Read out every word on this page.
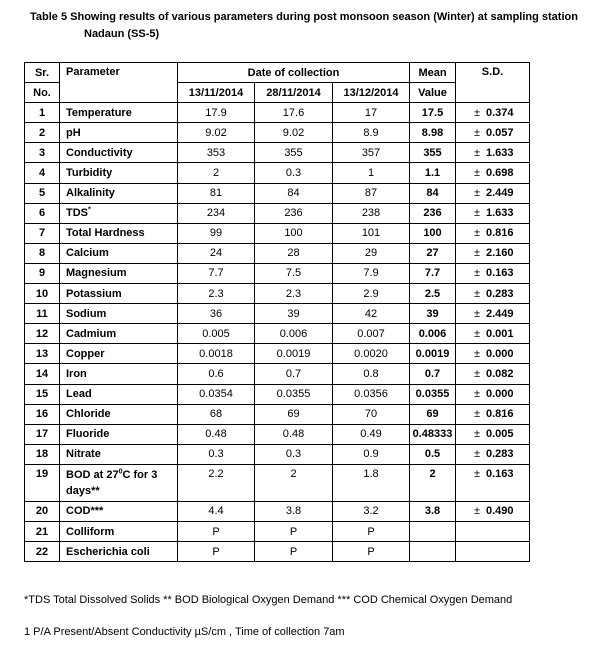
Table 5 Showing results of various parameters during post monsoon season (Winter) at sampling station
Nadaun (SS-5)
Sr.	Parameter	Date of collection			Mean	S.D.
No.		13/11/2014	28/11/2014	13/12/2014	Value	
1	Temperature	17.9	17.6	17	17.5	± 0.374
2	pH	9.02	9.02	8.9	8.98	± 0.057
3	Conductivity	353	355	357	355	± 1.633
4	Turbidity	2	0.3	1	1.1	± 0.698
5	Alkalinity	81	84	87	84	± 2.449
6	TDS*	234	236	238	236	± 1.633
7	Total Hardness	99	100	101	100	± 0.816
8	Calcium	24	28	29	27	± 2.160
9	Magnesium	7.7	7.5	7.9	7.7	± 0.163
10	Potassium	2.3	2.3	2.9	2.5	± 0.283
11	Sodium	36	39	42	39	± 2.449
12	Cadmium	0.005	0.006	0.007	0.006	± 0.001
13	Copper	0.0018	0.0019	0.0020	0.0019	± 0.000
14	Iron	0.6	0.7	0.8	0.7	± 0.082
15	Lead	0.0354	0.0355	0.0356	0.0355	± 0.000
16	Chloride	68	69	70	69	± 0.816
17	Fluoride	0.48	0.48	0.49	0.48333	± 0.005
18	Nitrate	0.3	0.3	0.9	0.5	± 0.283
19	BOD at $27^0C$ for 3 days**	2.2	2	1.8	2	± 0.163
20	COD***	4.4	3.8	3.2	3.8	± 0.490
21	Colliform	P	P	P		
22	Escherichia coli	P	P	P		
*TDS Total Dissolved Solids ** BOD Biological Oxygen Demand *** COD Chemical Oxygen Demand
1 P/A Present/Absent Conductivity µS/cm , Time of collection 7am
